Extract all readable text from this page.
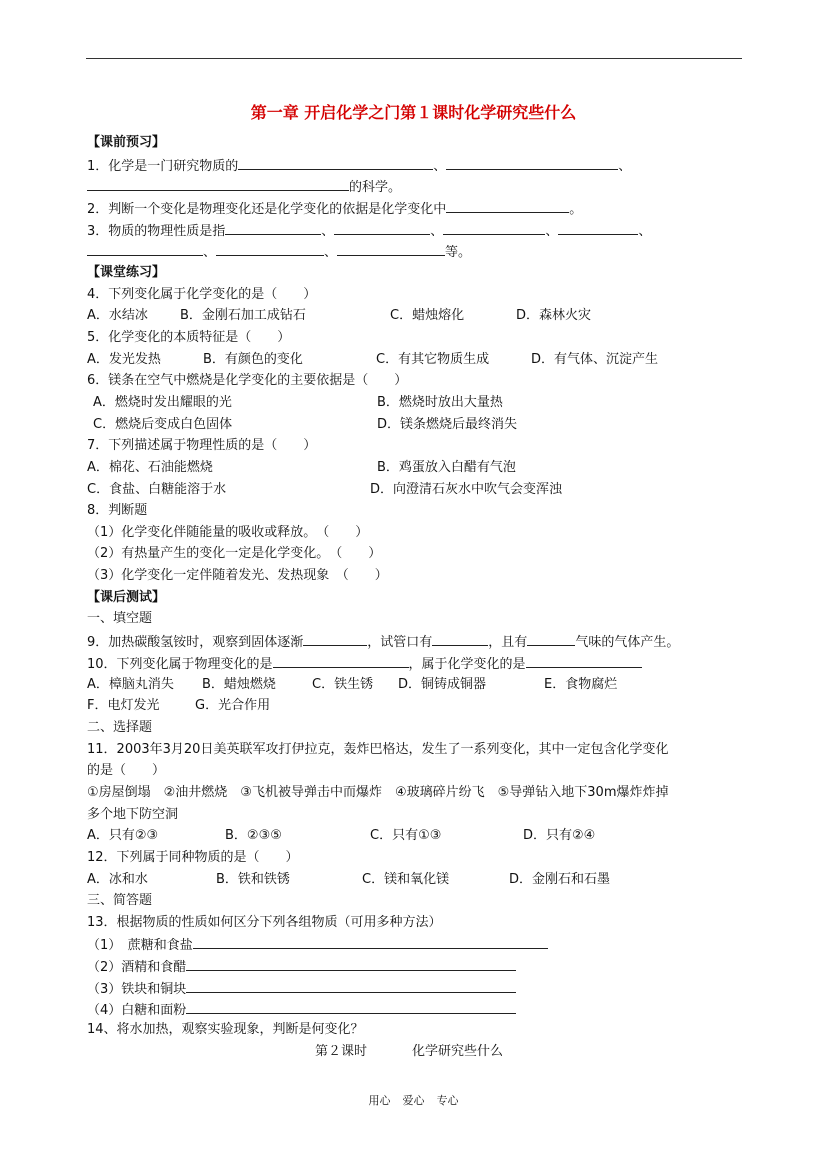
第一章 开启化学之门第１课时化学研究些什么
【课前预习】
1．化学是一门研究物质的	、	、
的科学。
2．判断一个变化是物理变化还是化学变化的依据是化学变化中	。
3．物质的物理性质是指	、	、	、	、
、	、	等。
【课堂练习】
4．下列变化属于化学变化的是（　　）
A．水结冰 B．金刚石加工成钻石	C．蜡烛熔化	D．森林火灾
5．化学变化的本质特征是（　　）
A．发光发热	B．有颜色的变化	C．有其它物质生成	D．有气体、沉淀产生
6．镁条在空气中燃烧是化学变化的主要依据是（　　）
A．燃烧时发出耀眼的光	B．燃烧时放出大量热
C．燃烧后变成白色固体	D．镁条燃烧后最终消失
7．下列描述属于物理性质的是（　　）
A．棉花、石油能燃烧	B．鸡蛋放入白醋有气泡
C．食盐、白糖能溶于水	D．向澄清石灰水中吹气会变浑浊
8．判断题
（1）化学变化伴随能量的吸收或释放。　（　　）
（2）有热量产生的变化一定是化学变化。　（　　）
（3）化学变化一定伴随着发光、发热现象　（　　）
【课后测试】
一、填空题
9．加热碳酸氢铵时，观察到固体逐渐	，试管口有	，且有	气味的气体产生。
10．下列变化属于物理变化的是	，属于化学变化的是
A．樟脑丸消失 B．蜡烛燃烧	C．铁生锈 D．铜铸成铜器	E．食物腐烂
F．电灯发光	G．光合作用
二、选择题
11．2003年3月20日美英联军攻打伊拉克，轰炸巴格达，发生了一系列变化，其中一定包含化学变化
的是（　　）
①房屋倒塌　②油井燃烧　③飞机被导弹击中而爆炸　④玻璃碎片纷飞　⑤导弹钻入地下30m爆炸炸掉
多个地下防空洞
A．只有②③	B．②③⑤	C．只有①③	D．只有②④
12．下列属于同种物质的是（　　）
A．冰和水	B．铁和铁锈	C．镁和氧化镁	D．金刚石和石墨
三、简答题
13．根据物质的性质如何区分下列各组物质（可用多种方法）
（1）　蔗糖和食盐
（2）酒精和食醋
（3）铁块和铜块
（4）白糖和面粉
14、将水加热，观察实验现象，判断是何变化？
第２课时	化学研究些什么
用心 爱心 专心
